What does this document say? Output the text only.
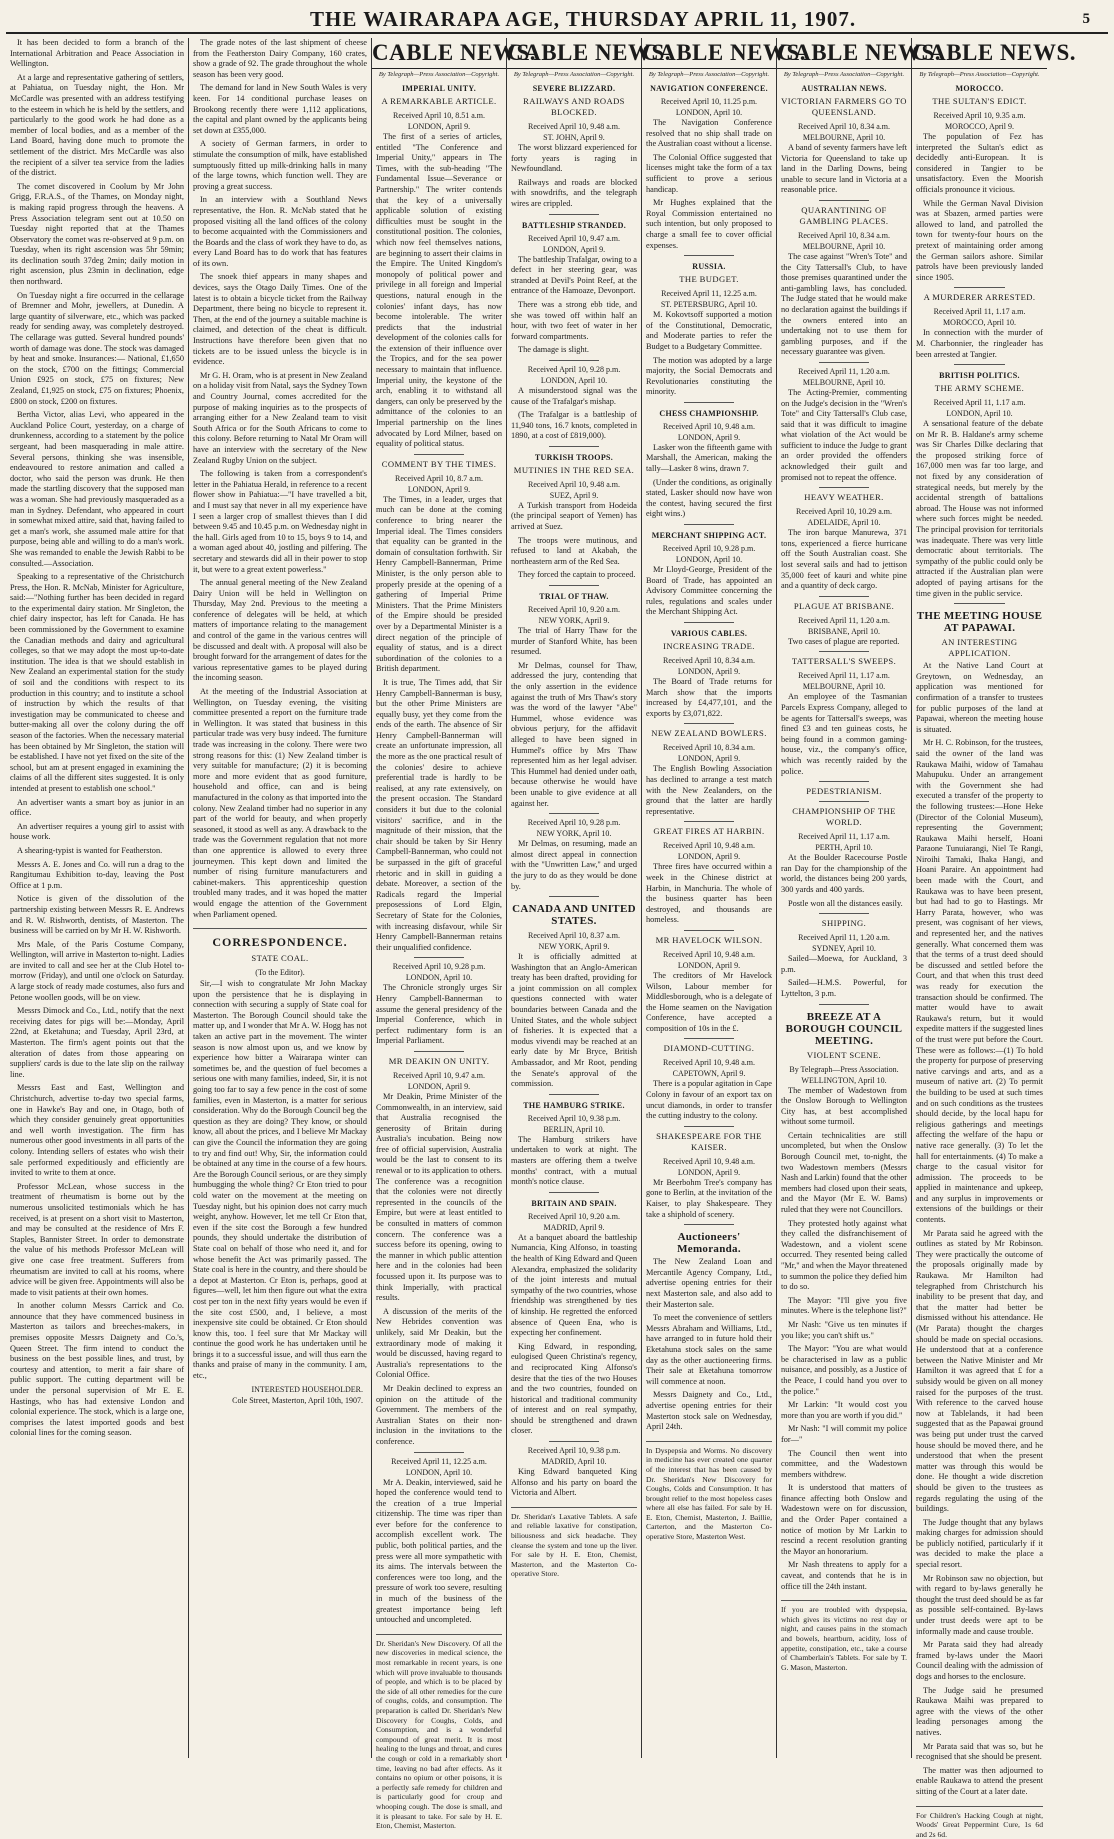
THE WAIRARAPA AGE, THURSDAY APRIL 11, 1907.	5

It has been decided to form a branch of the International Arbitration and Peace Association in Wellington.

At a large and representative gathering of settlers, at Pahiatua, on Tuesday night, the Hon. Mr McCardle was presented with an address testifying to the esteem in which he is held by the settlers, and particularly to the good work he had done as a member of local bodies, and as a member of the Land Board, having done much to promote the settlement of the district. Mrs McCardle was also the recipient of a silver tea service from the ladies of the district.

The comet discovered in Coolum by Mr John Grigg, F.R.A.S., of the Thames, on Monday night, is making rapid progress through the heavens. A Press Association telegram sent out at 10.50 on Tuesday night reported that at the Thames Observatory the comet was re-observed at 9 p.m. on Tuesday, when its right ascension was 5hr 59min; its declination south 37deg 2min; daily motion in right ascension, plus 23min in declination, edge then northward.

On Tuesday night a fire occurred in the cellarage of Bremner and Mohr, jewellers, at Dunedin. A large quantity of silverware, etc., which was packed ready for sending away, was completely destroyed. The cellarage was gutted. Several hundred pounds' worth of damage was done. The stock was damaged by heat and smoke. Insurances:— National, £1,650 on the stock, £700 on the fittings; Commercial Union £925 on stock, £75 on fixtures; New Zealand, £1,925 on stock, £75 on fixtures; Phoenix, £800 on stock, £200 on fixtures.

Bertha Victor, alias Levi, who appeared in the Auckland Police Court, yesterday, on a charge of drunkenness, according to a statement by the police sergeant, had been masquerading in male attire. Several persons, thinking she was insensible, endeavoured to restore animation and called a doctor, who said the person was drunk. He then made the startling discovery that the supposed man was a woman. She had previously masqueraded as a man in Sydney. Defendant, who appeared in court in somewhat mixed attire, said that, having failed to get a man's work, she assumed male attire for that purpose, being able and willing to do a man's work. She was remanded to enable the Jewish Rabbi to be consulted.—Association.

Speaking to a representative of the Christchurch Press, the Hon. R. McNab, Minister for Agriculture, said:—"Nothing further has been decided in regard to the experimental dairy station. Mr Singleton, the chief dairy inspector, has left for Canada. He has been commissioned by the Government to examine the Canadian methods and dairy and agricultural colleges, so that we may adopt the most up-to-date institution. The idea is that we should establish in New Zealand an experimental station for the study of soil and the conditions with respect to its production in this country; and to institute a school of instruction by which the results of that investigation may be communicated to cheese and butter-making all over the colony during the off season of the factories. When the necessary material has been obtained by Mr Singleton, the station will be established. I have not yet fixed on the site of the school, but am at present engaged in examining the claims of all the different sites suggested. It is only intended at present to establish one school."

An advertiser wants a smart boy as junior in an office.

An advertiser requires a young girl to assist with house work.

A shearing-typist is wanted for Featherston.

Messrs A. E. Jones and Co. will run a drag to the Rangitumau Exhibition to-day, leaving the Post Office at 1 p.m.

Notice is given of the dissolution of the partnership existing between Messrs R. E. Andrews and R. W. Rishworth, dentists, of Masterton. The business will be carried on by Mr H. W. Rishworth.

Mrs Male, of the Paris Costume Company, Wellington, will arrive in Masterton to-night. Ladies are invited to call and see her at the Club Hotel to-morrow (Friday), and until one o'clock on Saturday. A large stock of ready made costumes, also furs and Petone woollen goods, will be on view.

Messrs Dimock and Co., Ltd., notify that the next receiving dates for pigs will be:—Monday, April 22nd, at Eketahuna; and Tuesday, April 23rd, at Masterton. The firm's agent points out that the alteration of dates from those appearing on suppliers' cards is due to the late slip on the railway line.

Messrs East and East, Wellington and Christchurch, advertise to-day two special farms, one in Hawke's Bay and one, in Otago, both of which they consider genuinely great opportunities and well worth investigation. The firm has numerous other good investments in all parts of the colony. Intending sellers of estates who wish their sale performed expeditiously and efficiently are invited to write to them at once.

Professor McLean, whose success in the treatment of rheumatism is borne out by the numerous unsolicited testimonials which he has received, is at present on a short visit to Masterton, and may be consulted at the residence of Mrs F. Staples, Bannister Street. In order to demonstrate the value of his methods Professor McLean will give one case free treatment. Sufferers from rheumatism are invited to call at his rooms, where advice will be given free. Appointments will also be made to visit patients at their own homes.

In another column Messrs Carrick and Co. announce that they have commenced business in Masterton as tailors and breeches-makers, in premises opposite Messrs Daignety and Co.'s, Queen Street. The firm intend to conduct the business on the best possible lines, and trust, by courtesy and attention, to merit a fair share of public support. The cutting department will be under the personal supervision of Mr E. E. Hastings, who has had extensive London and colonial experience. The stock, which is a large one, comprises the latest imported goods and best colonial lines for the coming season.

The grade notes of the last shipment of cheese from the Featherston Dairy Company, 160 crates, show a grade of 92. The grade throughout the whole season has been very good.

The demand for land in New South Wales is very keen. For 14 conditional purchase leases on Brookong recently there were 1,112 applications, the capital and plant owned by the applicants being set down at £355,000.

A society of German farmers, in order to stimulate the consumption of milk, have established sumptuously fitted up milk-drinking halls in many of the large towns, which function well. They are proving a great success.

In an interview with a Southland News representative, the Hon. R. McNab stated that he proposed visiting all the land offices of the colony to become acquainted with the Commissioners and the Boards and the class of work they have to do, as every Land Board has to do work that has features of its own.

The snoek thief appears in many shapes and devices, says the Otago Daily Times. One of the latest is to obtain a bicycle ticket from the Railway Department, there being no bicycle to represent it. Then, at the end of the journey a suitable machine is claimed, and detection of the cheat is difficult. Instructions have therefore been given that no tickets are to be issued unless the bicycle is in evidence.

Mr G. H. Oram, who is at present in New Zealand on a holiday visit from Natal, says the Sydney Town and Country Journal, comes accredited for the purpose of making inquiries as to the prospects of arranging either for a New Zealand team to visit South Africa or for the South Africans to come to this colony. Before returning to Natal Mr Oram will have an interview with the secretary of the New Zealand Rugby Union on the subject.

The following is taken from a correspondent's letter in the Pahiatua Herald, in reference to a recent flower show in Pahiatua:—"I have travelled a bit, and I must say that never in all my experience have I seen a larger crop of smallest thieves than I did between 9.45 and 10.45 p.m. on Wednesday night in the hall. Girls aged from 10 to 15, boys 9 to 14, and a woman aged about 40, jostling and pilfering. The secretary and stewards did all in their power to stop it, but were to a great extent powerless."

The annual general meeting of the New Zealand Dairy Union will be held in Wellington on Thursday, May 2nd. Previous to the meeting a conference of delegates will be held, at which matters of importance relating to the management and control of the game in the various centres will be discussed and dealt with. A proposal will also be brought forward for the arrangement of dates for the various representative games to be played during the incoming season.

At the meeting of the Industrial Association at Wellington, on Tuesday evening, the visiting committee presented a report on the furniture trade in Wellington. It was stated that business in this particular trade was very busy indeed. The furniture trade was increasing in the colony. There were two strong reasons for this: (1) New Zealand timber is very suitable for manufacture; (2) it is becoming more and more evident that as good furniture, household and office, can and is being manufactured in the colony as that imported into the colony. New Zealand timber had no superior in any part of the world for beauty, and when properly seasoned, it stood as well as any. A drawback to the trade was the Government regulation that not more than one apprentice is allowed to every three journeymen. This kept down and limited the number of rising furniture manufacturers and cabinet-makers. This apprenticeship question troubled many trades, and it was hoped the matter would engage the attention of the Government when Parliament opened.

CORRESPONDENCE.
STATE COAL.
(To the Editor).

Sir,—I wish to congratulate Mr John Mackay upon the persistence that he is displaying in connection with securing a supply of State coal for Masterton. The Borough Council should take the matter up, and I wonder that Mr A. W. Hogg has not taken an active part in the movement. The winter season is now almost upon us, and we know by experience how bitter a Wairarapa winter can sometimes be, and the question of fuel becomes a serious one with many families, indeed, Sir, it is not going too far to say a few pence in the cost of some families, even in Masterton, is a matter for serious consideration. Why do the Borough Council beg the question as they are doing? They know, or should know, all about the prices, and I believe Mr Mackay can give the Council the information they are going to try and find out! Why, Sir, the information could be obtained at any time in the course of a few hours. Are the Borough Council serious, or are they simply humbugging the whole thing? Cr Eton tried to pour cold water on the movement at the meeting on Tuesday night, but his opinion does not carry much weight, anyhow. However, let me tell Cr Eton that, even if the site cost the Borough a few hundred pounds, they should undertake the distribution of State coal on behalf of those who need it, and for whose benefit the Act was primarily passed. The State coal is here in the country, and there should be a depot at Masterton. Cr Eton is, perhaps, good at figures—well, let him then figure out what the extra cost per ton in the next fifty years would be even if the site cost £500, and, I believe, a most inexpensive site could be obtained. Cr Eton should know this, too. I feel sure that Mr Mackay will continue the good work he has undertaken until he brings it to a successful issue, and will thus earn the thanks and praise of many in the community. I am, etc.,

INTERESTED HOUSEHOLDER.
Cole Street, Masterton, April 10th, 1907.
CABLE NEWS.
By Telegraph—Press Association—Copyright.
IMPERIAL UNITY.
A REMARKABLE ARTICLE.
Received April 10, 8.51 a.m.
LONDON, April 9.

The first of a series of articles, entitled "The Conference and Imperial Unity," appears in The Times, with the sub-heading "The Fundamental Issue—Severance or Partnership." The writer contends that the key of a universally applicable solution of existing difficulties must be sought in the constitutional position. The colonies, which now feel themselves nations, are beginning to assert their claims in the Empire. The United Kingdom's monopoly of political power and privilege in all foreign and Imperial questions, natural enough in the colonies' infant days, has now become intolerable. The writer predicts that the industrial development of the colonies calls for the extension of their influence over the Tropics, and for the sea power necessary to maintain that influence. Imperial unity, the keystone of the arch, enabling it to withstand all dangers, can only be preserved by the admittance of the colonies to an Imperial partnership on the lines advocated by Lord Milner, based on equality of political status.

COMMENT BY THE TIMES.
Received April 10, 8.7 a.m.
LONDON, April 9.

The Times, in a leader, urges that much can be done at the coming conference to bring nearer the Imperial ideal. The Times considers that equality can be granted in the domain of consultation forthwith. Sir Henry Campbell-Bannerman, Prime Minister, is the only person able to properly preside at the opening of a gathering of Imperial Prime Ministers. That the Prime Ministers of the Empire should be presided over by a Departmental Minister is a direct negation of the principle of equality of status, and is a direct subordination of the colonies to a British department.

It is true, The Times add, that Sir Henry Campbell-Bannerman is busy, but the other Prime Ministers are equally busy, yet they come from the ends of the earth. The absence of Sir Henry Campbell-Bannerman will create an unfortunate impression, all the more as the one practical result of the colonies' desire to achieve preferential trade is hardly to be realised, at any rate extensively, on the present occasion. The Standard considers it but due to the colonial visitors' sacrifice, and in the magnitude of their mission, that the chair should be taken by Sir Henry Campbell-Bannerman, who could not be surpassed in the gift of graceful rhetoric and in skill in guiding a debate. Moreover, a section of the Radicals regard the Imperial preposessions of Lord Elgin, Secretary of State for the Colonies, with increasing disfavour, while Sir Henry Campbell-Bannerman retains their unqualified confidence.

Received April 10, 9.28 p.m.
LONDON, April 10.

The Chronicle strongly urges Sir Henry Campbell-Bannerman to assume the general presidency of the Imperial Conference, which in perfect rudimentary form is an Imperial Parliament.

MR DEAKIN ON UNITY.
Received April 10, 9.47 a.m.
LONDON, April 9.

Mr Deakin, Prime Minister of the Commonwealth, in an interview, said that Australia recognised the generosity of Britain during Australia's incubation. Being now free of official supervision, Australia would be the last to consent to its renewal or to its application to others. The conference was a recognition that the colonies were not directly represented in the councils of the Empire, but were at least entitled to be consulted in matters of common concern. The conference was a success before its opening, owing to the manner in which public attention here and in the colonies had been focussed upon it. Its purpose was to think Imperially, with practical results.

A discussion of the merits of the New Hebrides convention was unlikely, said Mr Deakin, but the extraordinary mode of making it would be discussed, having regard to Australia's representations to the Colonial Office.

Mr Deakin declined to express an opinion on the attitude of the Government. The members of the Australian States on their non-inclusion in the invitations to the conference.

Received April 11, 12.25 a.m.
LONDON, April 10.

Mr A. Deakin, interviewed, said he hoped the conference would tend to the creation of a true Imperial citizenship. The time was riper than ever before for the conference to accomplish excellent work. The public, both political parties, and the press were all more sympathetic with its aims. The intervals between the conferences were too long, and the pressure of work too severe, resulting in much of the business of the greatest importance being left untouched and uncompleted.

Dr. Sheridan's New Discovery. Of all the new discoveries in medical science, the most remarkable in recent years, is one which will prove invaluable to thousands of people, and which is to be placed by the side of all other remedies for the cure of coughs, colds, and consumption. The preparation is called Dr. Sheridan's New Discovery for Coughs, Colds, and Consumption, and is a wonderful compound of great merit. It is most healing to the lungs and throat, and cures the cough or cold in a remarkably short time, leaving no bad after effects. As it contains no opium or other poisons, it is a perfectly safe remedy for children and is particularly good for croup and whooping cough. The dose is small, and it is pleasant to take. For sale by H. E. Eton, Chemist, Masterton.

CABLE NEWS.
By Telegraph—Press Association—Copyright.
SEVERE BLIZZARD.
RAILWAYS AND ROADS BLOCKED.
Received April 10, 9.48 a.m.
ST. JOHN, April 9.

The worst blizzard experienced for forty years is raging in Newfoundland.

Railways and roads are blocked with snowdrifts, and the telegraph wires are crippled.

BATTLESHIP STRANDED.
Received April 10, 9.47 a.m.
LONDON, April 9.

The battleship Trafalgar, owing to a defect in her steering gear, was stranded at Devil's Point Reef, at the entrance of the Hamoaze, Devonport.

There was a strong ebb tide, and she was towed off within half an hour, with two feet of water in her forward compartments.

The damage is slight.

Received April 10, 9.28 p.m.
LONDON, April 10.

A misunderstood signal was the cause of the Trafalgar's mishap.

(The Trafalgar is a battleship of 11,940 tons, 16.7 knots, completed in 1890, at a cost of £819,000).

TURKISH TROOPS.
MUTINIES IN THE RED SEA.
Received April 10, 9.48 a.m.
SUEZ, April 9.

A Turkish transport from Hodeida (the principal seaport of Yemen) has arrived at Suez.

The troops were mutinous, and refused to land at Akabah, the northeastern arm of the Red Sea.

They forced the captain to proceed.

TRIAL OF THAW.
Received April 10, 9.20 a.m.
NEW YORK, April 9.

The trial of Harry Thaw for the murder of Stanford White, has been resumed.

Mr Delmas, counsel for Thaw, addressed the jury, contending that the only assertion in the evidence against the truth of Mrs Thaw's story was the word of the lawyer "Abe" Hummel, whose evidence was obvious perjury, for the affidavit alleged to have been signed in Hummel's office by Mrs Thaw represented him as her legal adviser. This Hummel had denied under oath, because otherwise he would have been unable to give evidence at all against her.

Received April 10, 9.28 p.m.
NEW YORK, April 10.

Mr Delmas, on resuming, made an almost direct appeal in connection with the "Unwritten Law," and urged the jury to do as they would be done by.

CANADA AND UNITED STATES.
Received April 10, 8.37 a.m.
NEW YORK, April 9.

It is officially admitted at Washington that an Anglo-American treaty has been drafted, providing for a joint commission on all complex questions connected with water boundaries between Canada and the United States, and the whole subject of fisheries. It is expected that a modus vivendi may be reached at an early date by Mr Bryce, British Ambassador, and Mr Root, pending the Senate's approval of the commission.

THE HAMBURG STRIKE.
Received April 10, 9.38 p.m.
BERLIN, April 10.

The Hamburg strikers have undertaken to work at night. The masters are offering them a twelve months' contract, with a mutual month's notice clause.

BRITAIN AND SPAIN.
Received April 10, 9.20 a.m.
MADRID, April 9.

At a banquet aboard the battleship Numancia, King Alfonso, in toasting the health of King Edward and Queen Alexandra, emphasized the solidarity of the joint interests and mutual sympathy of the two countries, whose friendship was strengthened by ties of kinship. He regretted the enforced absence of Queen Ena, who is expecting her confinement.

King Edward, in responding, eulogised Queen Christina's regency, and reciprocated King Alfonso's desire that the ties of the two Houses and the two countries, founded on historical and traditional community of interest and on real sympathy, should be strengthened and drawn closer.

Received April 10, 9.38 p.m.
MADRID, April 10.

King Edward banqueted King Alfonso and his party on board the Victoria and Albert.

Dr. Sheridan's Laxative Tablets. A safe and reliable laxative for constipation, biliousness and sick headache. They cleanse the system and tone up the liver. For sale by H. E. Eton, Chemist, Masterton, and the Masterton Co-operative Store.

CABLE NEWS.
By Telegraph—Press Association—Copyright.
NAVIGATION CONFERENCE.
Received April 10, 11.25 p.m.
LONDON, April 10.

The Navigation Conference resolved that no ship shall trade on the Australian coast without a license.

The Colonial Office suggested that licenses might take the form of a tax sufficient to prove a serious handicap.

Mr Hughes explained that the Royal Commission entertained no such intention, but only proposed to charge a small fee to cover official expenses.

RUSSIA.
THE BUDGET.
Received April 11, 12.25 a.m.
ST. PETERSBURG, April 10.

M. Kokovtsoff supported a motion of the Constitutional, Democratic, and Moderate parties to refer the Budget to a Budgetary Committee.

The motion was adopted by a large majority, the Social Democrats and Revolutionaries constituting the minority.

CHESS CHAMPIONSHIP.
Received April 10, 9.48 a.m.
LONDON, April 9.

Lasker won the fifteenth game with Marshall, the American, making the tally—Lasker 8 wins, drawn 7.

(Under the conditions, as originally stated, Lasker should now have won the contest, having secured the first eight wins.)

MERCHANT SHIPPING ACT.
Received April 10, 9.28 p.m.
LONDON, April 10.

Mr Lloyd-George, President of the Board of Trade, has appointed an Advisory Committee concerning the rules, regulations and scales under the Merchant Shipping Act.

VARIOUS CABLES.
INCREASING TRADE.
Received April 10, 8.34 a.m.
LONDON, April 9.

The Board of Trade returns for March show that the imports increased by £4,477,101, and the exports by £3,071,822.

NEW ZEALAND BOWLERS.
Received April 10, 8.34 a.m.
LONDON, April 9.

The English Bowling Association has declined to arrange a test match with the New Zealanders, on the ground that the latter are hardly representative.

GREAT FIRES AT HARBIN.
Received April 10, 9.48 a.m.
LONDON, April 9.

Three fires have occurred within a week in the Chinese district at Harbin, in Manchuria. The whole of the business quarter has been destroyed, and thousands are homeless.

MR HAVELOCK WILSON.
Received April 10, 9.48 a.m.
LONDON, April 9.

The creditors of Mr Havelock Wilson, Labour member for Middlesborough, who is a delegate of the Home seamen on the Navigation Conference, have accepted a composition of 10s in the £.

DIAMOND-CUTTING.
Received April 10, 9.48 a.m.
CAPETOWN, April 9.

There is a popular agitation in Cape Colony in favour of an export tax on uncut diamonds, in order to transfer the cutting industry to the colony.

SHAKESPEARE FOR THE KAISER.
Received April 10, 9.48 a.m.
LONDON, April 9.

Mr Beerbohm Tree's company has gone to Berlin, at the invitation of the Kaiser, to play Shakespeare. They take a shiphold of scenery.

Auctioneers' Memoranda.

The New Zealand Loan and Mercantile Agency Company, Ltd., advertise opening entries for their next Masterton sale, and also add to their Masterton sale.

To meet the convenience of settlers Messrs Abraham and Williams, Ltd., have arranged to in future hold their Eketahuna stock sales on the same day as the other auctioneering firms. Their sale at Eketahuna tomorrow will commence at noon.

Messrs Daignety and Co., Ltd., advertise opening entries for their Masterton stock sale on Wednesday, April 24th.

In Dyspepsia and Worms. No discovery in medicine has ever created one quarter of the interest that has been caused by Dr. Sheridan's New Discovery for Coughs, Colds and Consumption. It has brought relief to the most hopeless cases where all else has failed. For sale by H. E. Eton, Chemist, Masterton, J. Baillie, Carterton, and the Masterton Co-operative Store, Masterton West.

CABLE NEWS.
By Telegraph—Press Association—Copyright.
AUSTRALIAN NEWS.
VICTORIAN FARMERS GO TO QUEENSLAND.
Received April 10, 8.34 a.m.
MELBOURNE, April 10.

A band of seventy farmers have left Victoria for Queensland to take up land in the Darling Downs, being unable to secure land in Victoria at a reasonable price.

QUARANTINING OF GAMBLING PLACES.
Received April 10, 8.34 a.m.
MELBOURNE, April 10.

The case against "Wren's Tote" and the City Tattersall's Club, to have those premises quarantined under the anti-gambling laws, has concluded. The Judge stated that he would make no declaration against the buildings if the owners entered into an undertaking not to use them for gambling purposes, and if the necessary guarantee was given.

Received April 11, 1.20 a.m.
MELBOURNE, April 10.

The Acting-Premier, commenting on the Judge's decision in the "Wren's Tote" and City Tattersall's Club case, said that it was difficult to imagine what violation of the Act would be sufficient to induce the Judge to grant an order provided the offenders acknowledged their guilt and promised not to repeat the offence.

HEAVY WEATHER.
Received April 10, 10.29 a.m.
ADELAIDE, April 10.

The iron barque Manurewa, 371 tons, experienced a fierce hurricane off the South Australian coast. She lost several sails and had to jettison 35,000 feet of kauri and white pine and a quantity of deck cargo.

PLAGUE AT BRISBANE.
Received April 11, 1.20 a.m.
BRISBANE, April 10.

Two cases of plague are reported.

TATTERSALL'S SWEEPS.
Received April 11, 1.17 a.m.
MELBOURNE, April 10.

An employee of the Tasmanian Parcels Express Company, alleged to be agents for Tattersall's sweeps, was fined £3 and ten guineas costs, he being found in a common gaming-house, viz., the company's office, which was recently raided by the police.

PEDESTRIANISM.
CHAMPIONSHIP OF THE WORLD.
Received April 11, 1.17 a.m.
PERTH, April 10.

At the Boulder Racecourse Postle ran Day for the championship of the world, the distances being 200 yards, 300 yards and 400 yards.

Postle won all the distances easily.

SHIPPING.
Received April 11, 1.20 a.m.
SYDNEY, April 10.

Sailed—Moewa, for Auckland, 3 p.m.

Sailed—H.M.S. Powerful, for Lyttelton, 3 p.m.

BREEZE AT A BOROUGH COUNCIL MEETING.
VIOLENT SCENE.
By Telegraph—Press Association.
WELLINGTON, April 10.

The member of Wadestown from the Onslow Borough to Wellington City has, at best accomplished without some turmoil.

Certain technicalities are still uncompleted, but when the Onslow Borough Council met, to-night, the two Wadestown members (Messrs Nash and Larkin) found that the other members had closed upon their seats, and the Mayor (Mr E. W. Bams) ruled that they were not Councillors.

They protested hotly against what they called the disfranchisement of Wadestown, and a violent scene occurred. They resented being called "Mr," and when the Mayor threatened to summon the police they defied him to do so.

The Mayor: "I'll give you five minutes. Where is the telephone list?"

Mr Nash: "Give us ten minutes if you like; you can't shift us."

The Mayor: "You are what would be characterised in law as a public nuisance, and possibly, as a Justice of the Peace, I could hand you over to the police."

Mr Larkin: "It would cost you more than you are worth if you did."

Mr Nash: "I will commit my police for—"

The Council then went into committee, and the Wadestown members withdrew.

It is understood that matters of finance affecting both Onslow and Wadestown were on for discussion, and the Order Paper contained a notice of motion by Mr Larkin to rescind a recent resolution granting the Mayor an honorarium.

Mr Nash threatens to apply for a caveat, and contends that he is in office till the 24th instant.

If you are troubled with dyspepsia, which gives its victims no rest day or night, and causes pains in the stomach and bowels, heartburn, acidity, loss of appetite, constipation, etc., take a course of Chamberlain's Tablets. For sale by T. G. Mason, Masterton.

CABLE NEWS.
By Telegraph—Press Association—Copyright.
MOROCCO.
THE SULTAN'S EDICT.
Received April 10, 9.35 a.m.
MOROCCO, April 9.

The population of Fez has interpreted the Sultan's edict as decidedly anti-European. It is considered in Tangier to be unsatisfactory. Even the Moorish officials pronounce it vicious.

While the German Naval Division was at Sbazen, armed parties were allowed to land, and patrolled the town for twenty-four hours on the pretext of maintaining order among the German sailors ashore. Similar patrols have been previously landed since 1905.

A MURDERER ARRESTED.
Received April 11, 1.17 a.m.
MOROCCO, April 10.

In connection with the murder of M. Charbonnier, the ringleader has been arrested at Tangier.

BRITISH POLITICS.
THE ARMY SCHEME.
Received April 11, 1.17 a.m.
LONDON, April 10.

A sensational feature of the debate on Mr R. B. Haldane's army scheme was Sir Charles Dilke declaring that the proposed striking force of 167,000 men was far too large, and not fixed by any consideration of strategical needs, but merely by the accidental strength of battalions abroad. The House was not informed where such forces might be needed. The principal provision for territorials was inadequate. There was very little democratic about territorials. The sympathy of the public could only be attracted if the Australian plan were adopted of paying artisans for the time given in the public service.

THE MEETING HOUSE AT PAPAWAI.
AN INTERESTING APPLICATION.

At the Native Land Court at Greytown, on Wednesday, an application was mentioned for confirmation of a transfer to trustees for public purposes of the land at Papawai, whereon the meeting house is situated.

Mr H. C. Robinson, for the trustees, said the owner of the land was Raukawa Maihi, widow of Tamahau Mahupuku. Under an arrangement with the Government she had executed a transfer of the property to the following trustees:—Hone Heke (Director of the Colonial Museum), representing the Government; Raukawa Maihi herself, Hoani Paraone Tunuiarangi, Niel Te Rangi, Niroihi Tamaki, Ihaka Hangi, and Hoani Paraire. An appointment had been made with the Court, and Raukawa was to have been present, but had had to go to Hastings. Mr Harry Parata, however, who was present, was cognisant of her views, and represented her, and the natives generally. What concerned them was that the terms of a trust deed should be discussed and settled before the Court, and that when this trust deed was ready for execution the transaction should be confirmed. The matter would have to await Raukawa's return, but it would expedite matters if the suggested lines of the trust were put before the Court. These were as follows:—(1) To hold the property for purpose of preserving native carvings and arts, and as a museum of native art. (2) To permit the building to be used at such times and on such conditions as the trustees should decide, by the local hapu for religious gatherings and meetings affecting the welfare of the hapu or native race generally. (3) To let the hall for entertainments. (4) To make a charge to the casual visitor for admission. The proceeds to be applied in maintenance and upkeep, and any surplus in improvements or extensions of the buildings or their contents.

Mr Parata said he agreed with the outlines as stated by Mr Robinson. They were practically the outcome of the proposals originally made by Raukawa. Mr Hamilton had telegraphed from Christchurch his inability to be present that day, and that the matter had better be dismissed without his attendance. He (Mr Parata) thought the charges should be made on special occasions. He understood that at a conference between the Native Minister and Mr Hamilton it was agreed that £ for a subsidy would be given on all money raised for the purposes of the trust. With reference to the carved house now at Tablelands, it had been suggested that as the Papawai ground was being put under trust the carved house should be moved there, and he understood that when the present matter was through this would be done. He thought a wide discretion should be given to the trustees as regards regulating the using of the buildings.

The Judge thought that any bylaws making charges for admission should be publicly notified, particularly if it was decided to make the place a special resort.

Mr Robinson saw no objection, but with regard to by-laws generally he thought the trust deed should be as far as possible self-contained. By-laws under trust deeds were apt to be informally made and cause trouble.

Mr Parata said they had already framed by-laws under the Maori Council dealing with the admission of dogs and horses to the enclosure.

The Judge said he presumed Raukawa Maihi was prepared to agree with the views of the other leading personages among the natives.

Mr Parata said that was so, but he recognised that she should be present.

The matter was then adjourned to enable Raukawa to attend the present sitting of the Court at a later date.

For Children's Hacking Cough at night, Woods' Great Peppermint Cure, 1s 6d and 2s 6d.
